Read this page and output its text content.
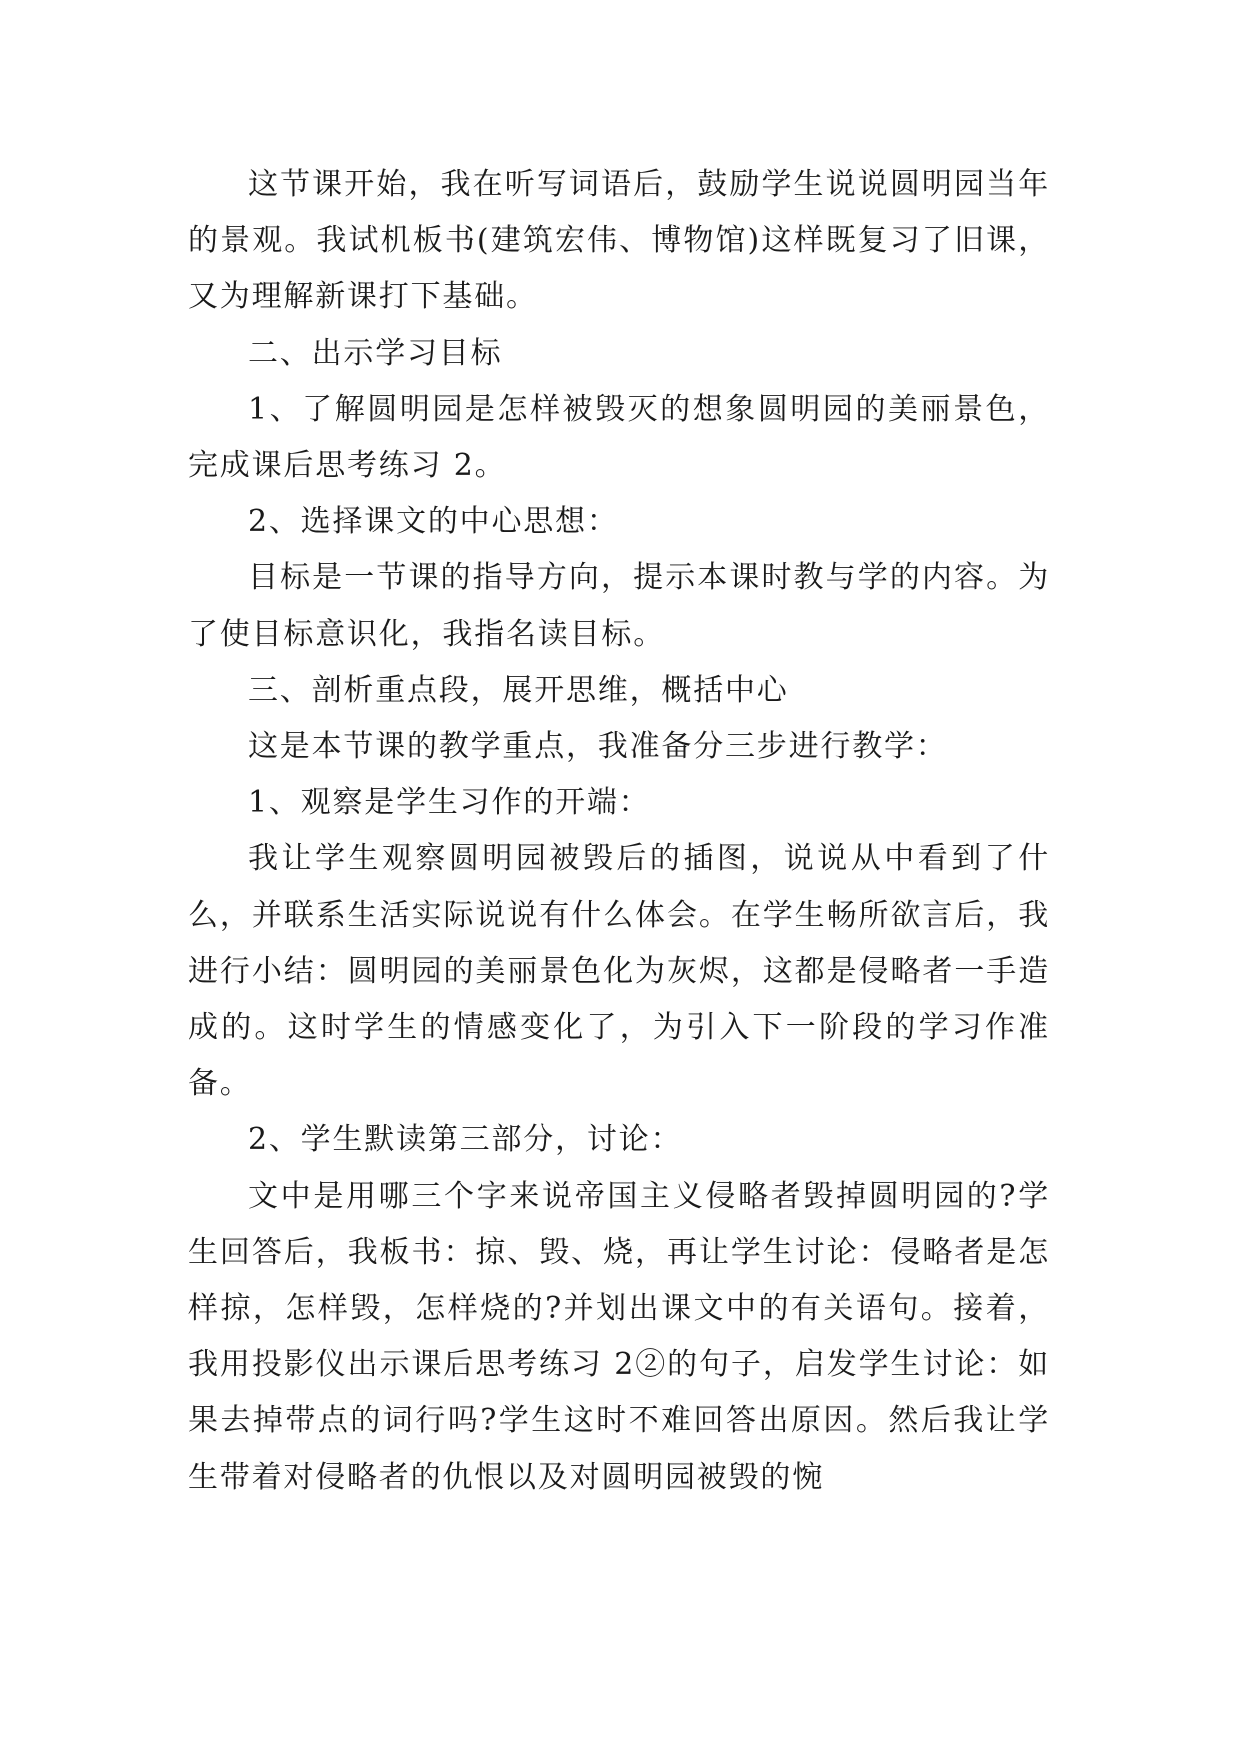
这节课开始，我在听写词语后，鼓励学生说说圆明园当年的景观。我试机板书(建筑宏伟、博物馆)这样既复习了旧课，又为理解新课打下基础。

二、出示学习目标

1、了解圆明园是怎样被毁灭的想象圆明园的美丽景色，完成课后思考练习 2。

2、选择课文的中心思想：

目标是一节课的指导方向，提示本课时教与学的内容。为了使目标意识化，我指名读目标。

三、剖析重点段，展开思维，概括中心

这是本节课的教学重点，我准备分三步进行教学：

1、观察是学生习作的开端：

我让学生观察圆明园被毁后的插图，说说从中看到了什么，并联系生活实际说说有什么体会。在学生畅所欲言后，我进行小结：圆明园的美丽景色化为灰烬，这都是侵略者一手造成的。这时学生的情感变化了，为引入下一阶段的学习作准备。

2、学生默读第三部分，讨论：

文中是用哪三个字来说帝国主义侵略者毁掉圆明园的?学生回答后，我板书：掠、毁、烧，再让学生讨论：侵略者是怎样掠，怎样毁，怎样烧的?并划出课文中的有关语句。接着，我用投影仪出示课后思考练习 2②的句子，启发学生讨论：如果去掉带点的词行吗?学生这时不难回答出原因。然后我让学生带着对侵略者的仇恨以及对圆明园被毁的惋
